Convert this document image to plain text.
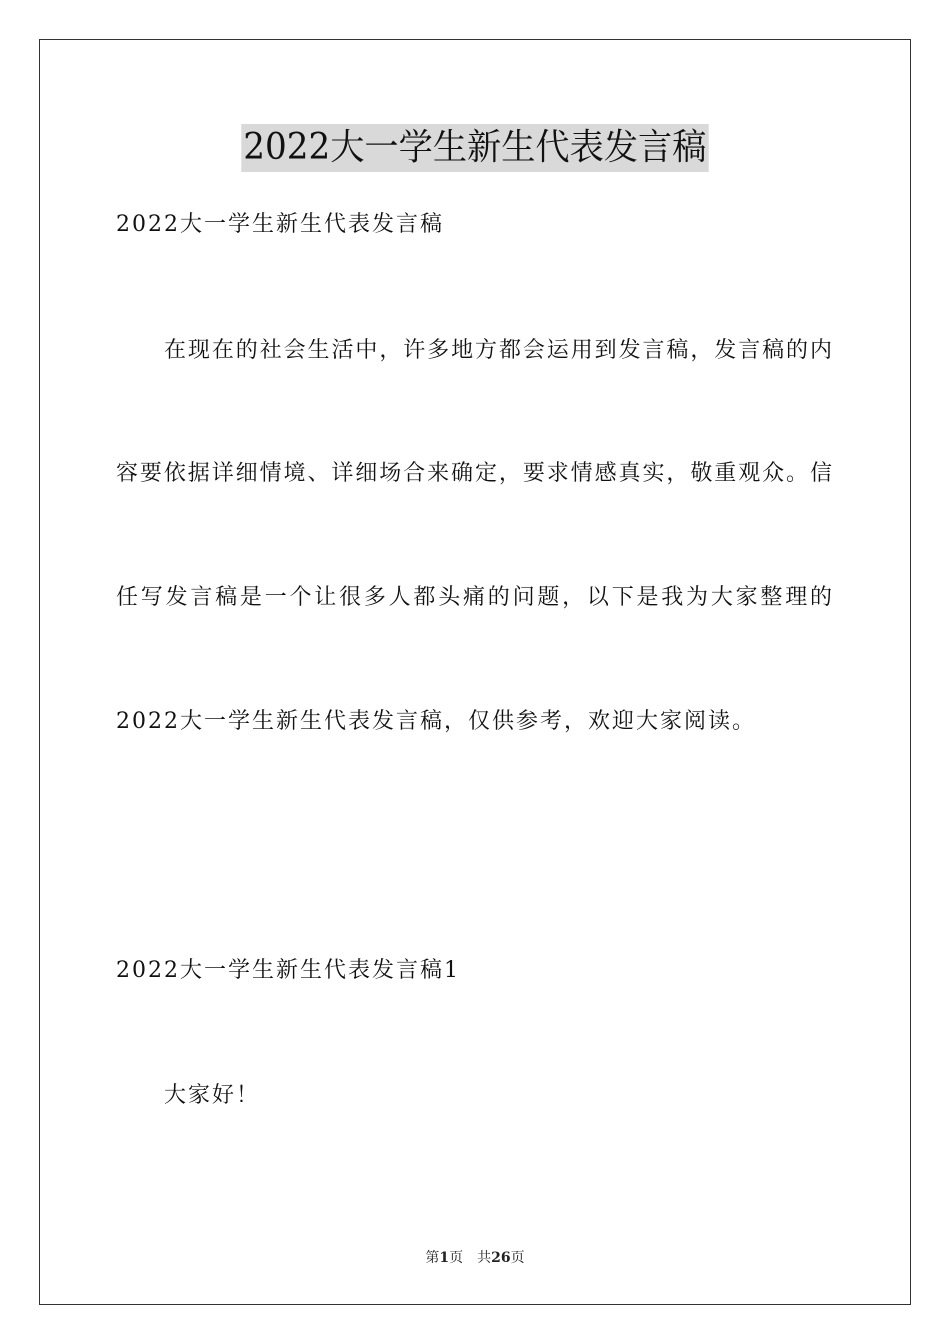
2022大一学生新生代表发言稿

2022大一学生新生代表发言稿

在现在的社会生活中，许多地方都会运用到发言稿，发言稿的内

容要依据详细情境、详细场合来确定，要求情感真实，敬重观众。信

任写发言稿是一个让很多人都头痛的问题，以下是我为大家整理的

2022大一学生新生代表发言稿，仅供参考，欢迎大家阅读。

2022大一学生新生代表发言稿1

大家好！

第1页 共26页
